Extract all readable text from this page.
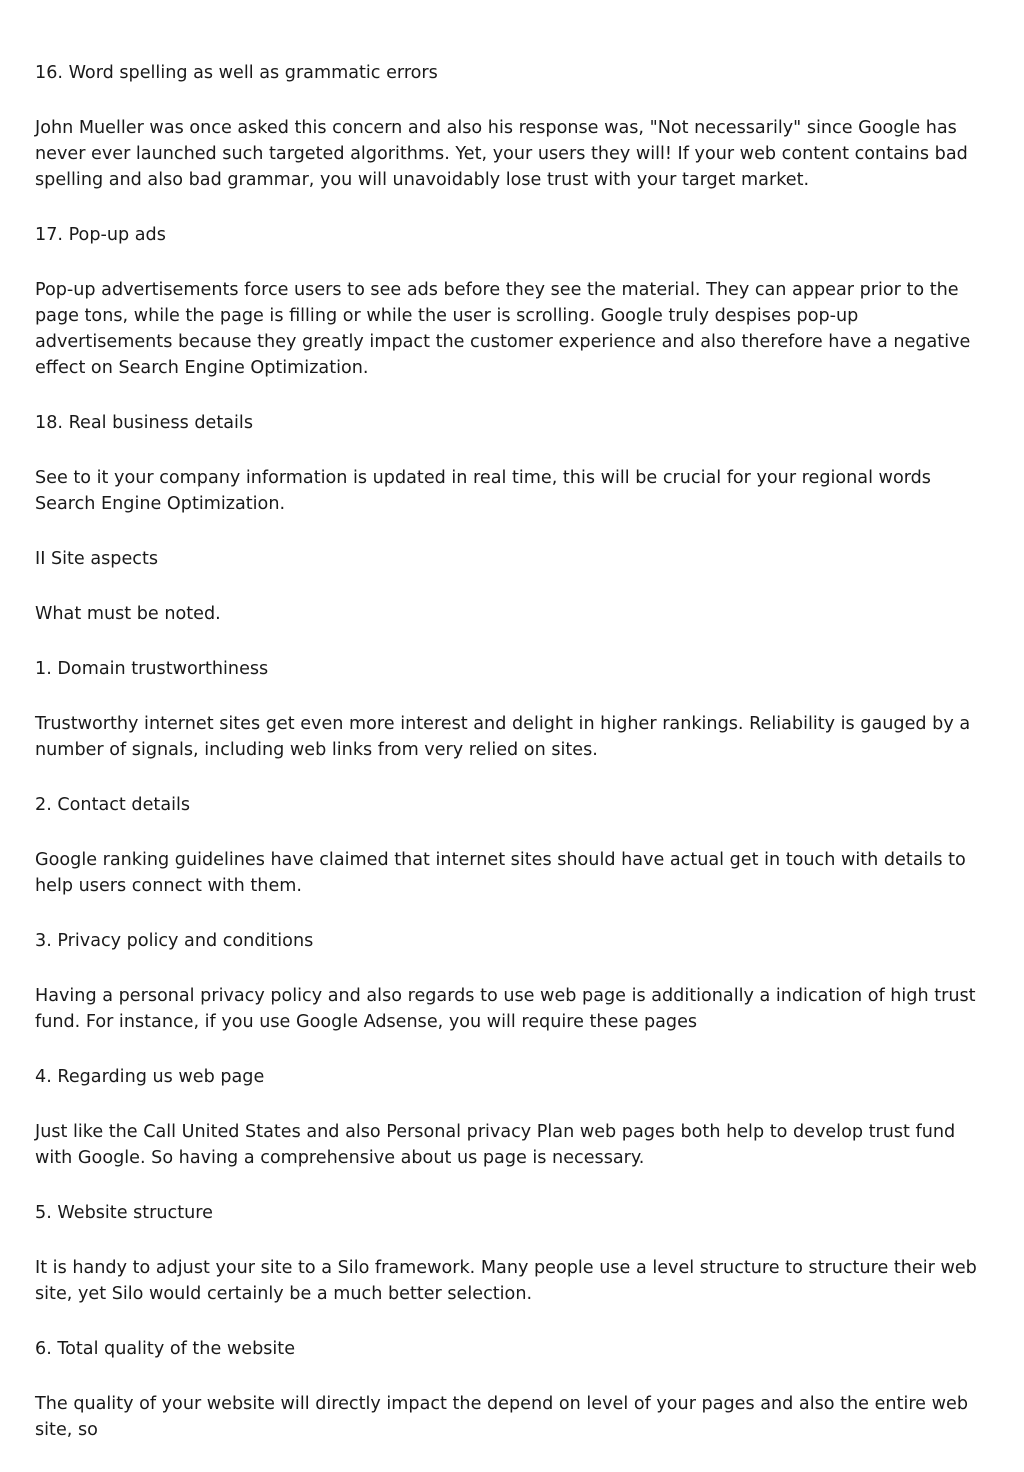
16. Word spelling as well as grammatic errors

John Mueller was once asked this concern and also his response was, "Not necessarily" since Google has never ever launched such targeted algorithms. Yet, your users they will! If your web content contains bad spelling and also bad grammar, you will unavoidably lose trust with your target market.

17. Pop-up ads

Pop-up advertisements force users to see ads before they see the material. They can appear prior to the page tons, while the page is filling or while the user is scrolling. Google truly despises pop-up advertisements because they greatly impact the customer experience and also therefore have a negative effect on Search Engine Optimization.

18. Real business details

See to it your company information is updated in real time, this will be crucial for your regional words Search Engine Optimization.

II Site aspects

What must be noted.

1. Domain trustworthiness

Trustworthy internet sites get even more interest and delight in higher rankings. Reliability is gauged by a number of signals, including web links from very relied on sites.

2. Contact details

Google ranking guidelines have claimed that internet sites should have actual get in touch with details to help users connect with them.

3. Privacy policy and conditions

Having a personal privacy policy and also regards to use web page is additionally a indication of high trust fund. For instance, if you use Google Adsense, you will require these pages

4. Regarding us web page

Just like the Call United States and also Personal privacy Plan web pages both help to develop trust fund with Google. So having a comprehensive about us page is necessary.

5. Website structure

It is handy to adjust your site to a Silo framework. Many people use a level structure to structure their web site, yet Silo would certainly be a much better selection.

6. Total quality of the website

The quality of your website will directly impact the depend on level of your pages and also the entire web site, so
